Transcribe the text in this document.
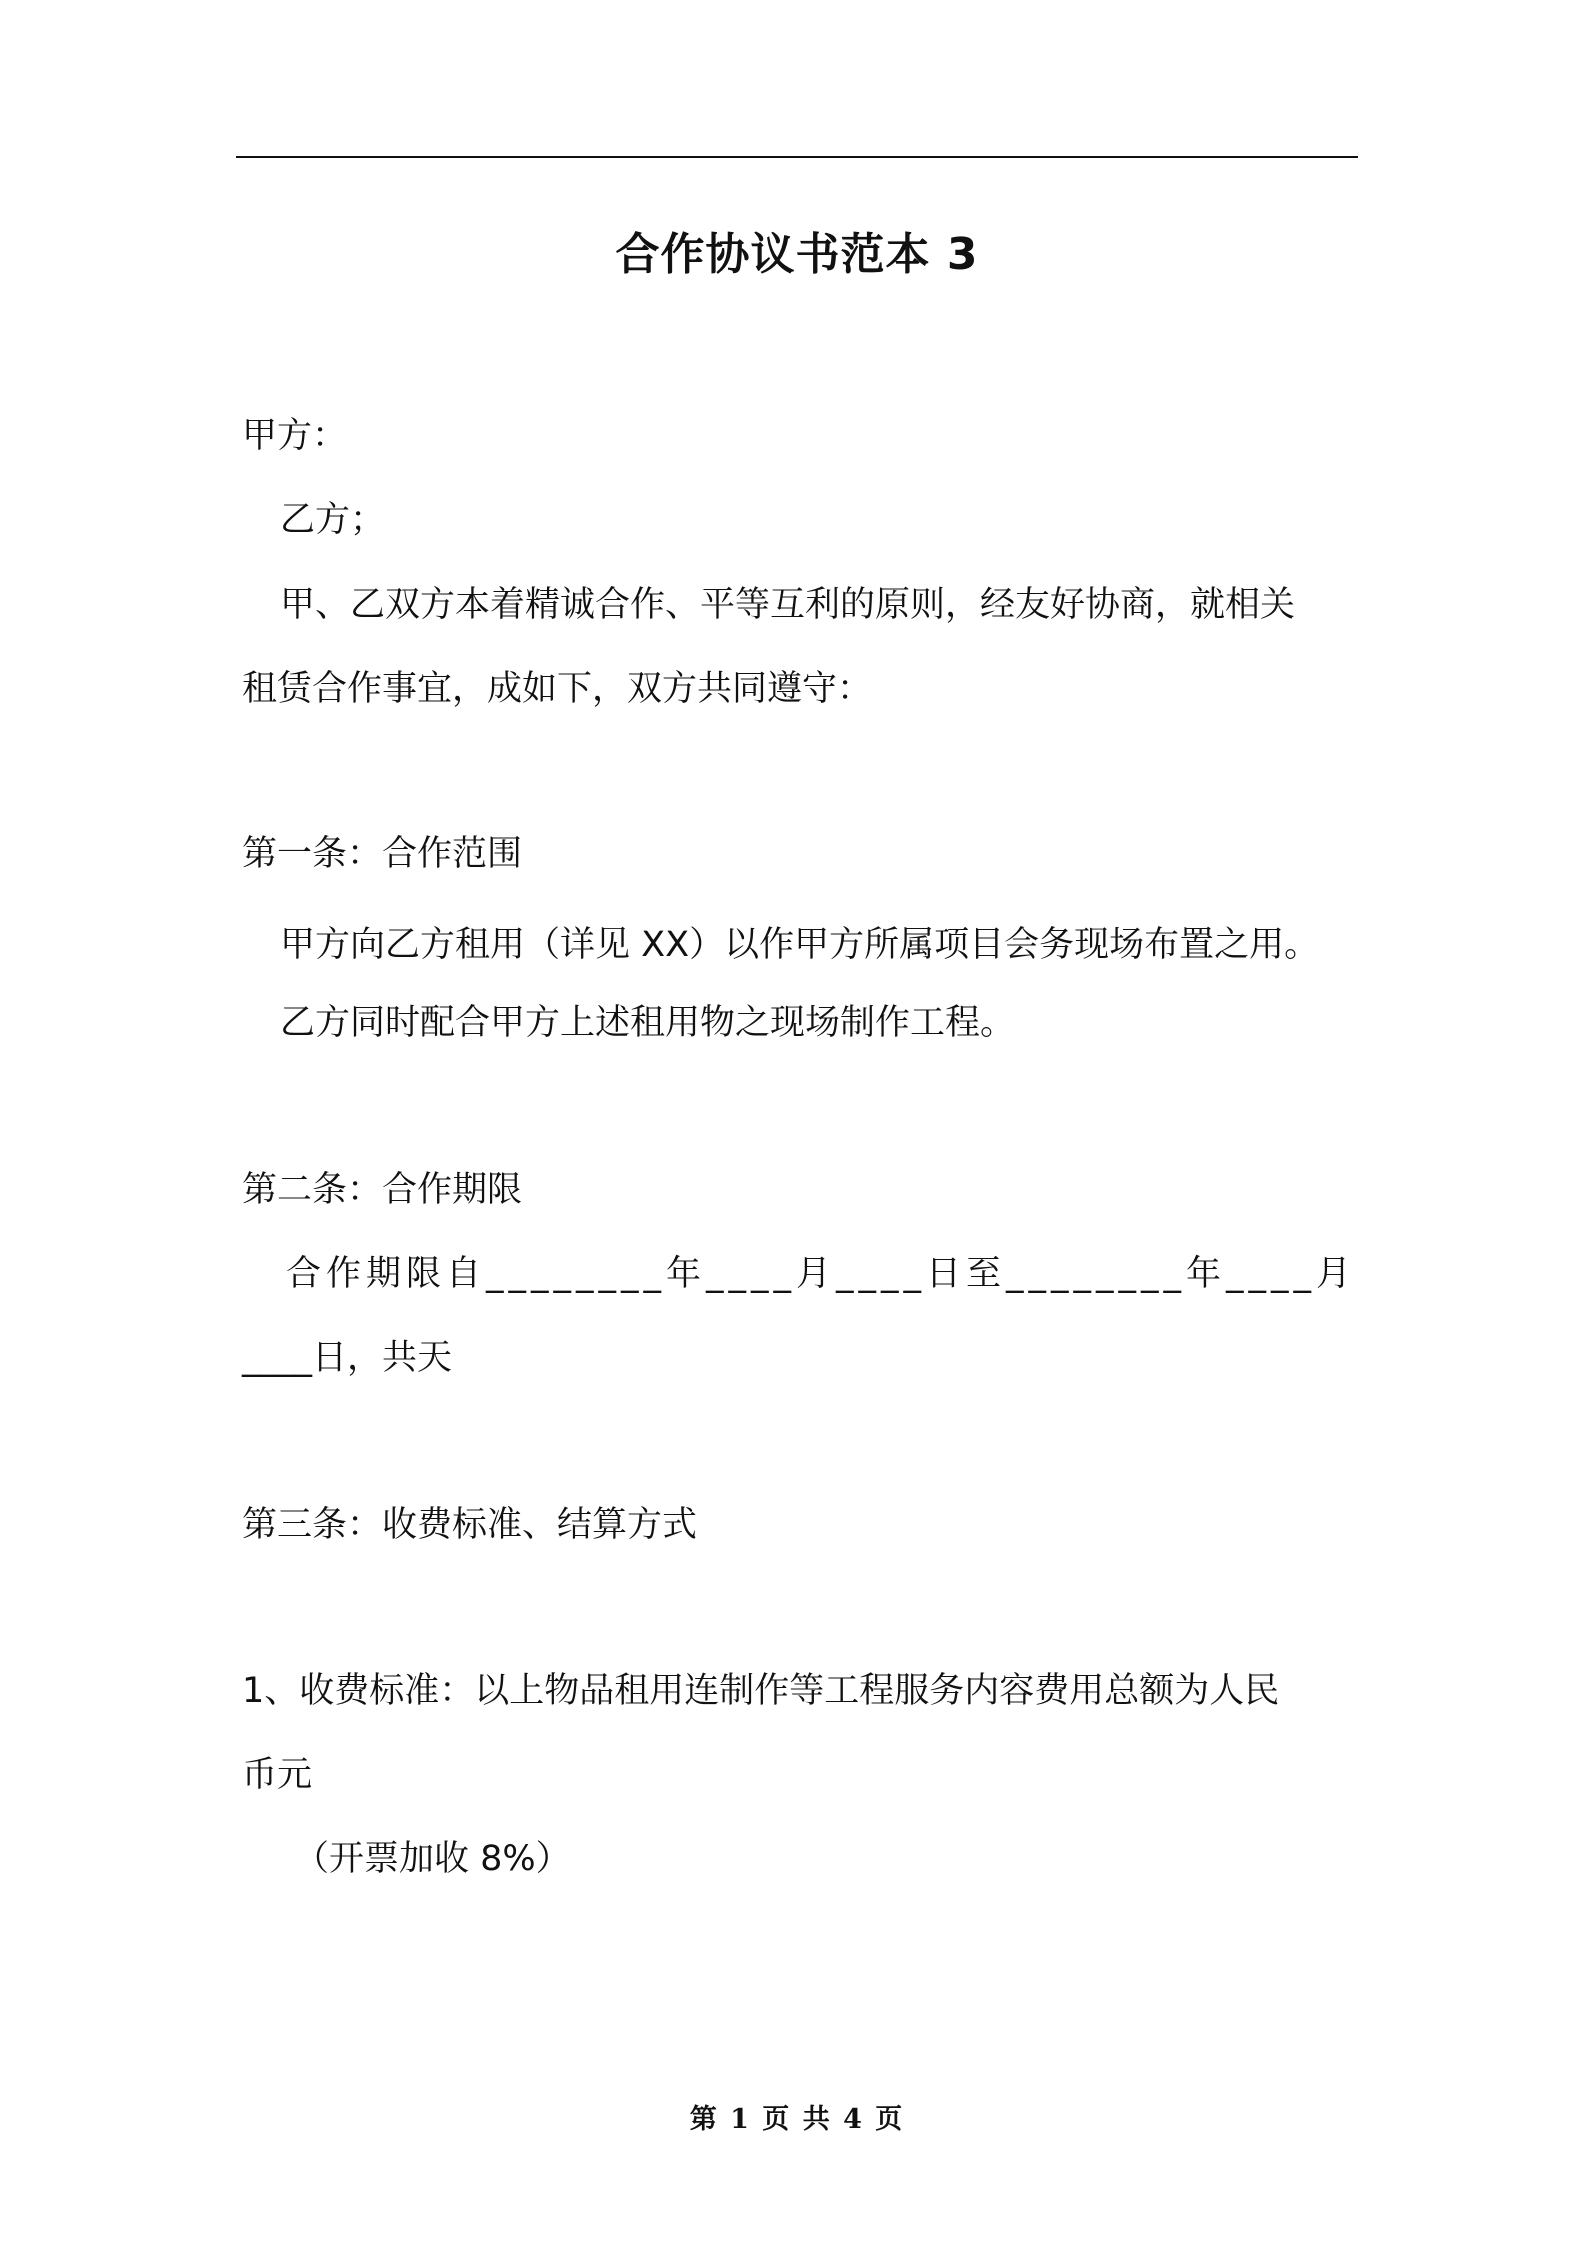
合作协议书范本 3
甲方：
乙方；
甲、乙双方本着精诚合作、平等互利的原则，经友好协商，就相关
租赁合作事宜，成如下，双方共同遵守：
第一条：合作范围
甲方向乙方租用（详见 XX）以作甲方所属项目会务现场布置之用。
乙方同时配合甲方上述租用物之现场制作工程。
第二条：合作期限
合作期限自________年____月____日至________年____月
____日，共天
第三条：收费标准、结算方式
1、收费标准：以上物品租用连制作等工程服务内容费用总额为人民
币元
（开票加收 8%）
第 1 页 共 4 页
